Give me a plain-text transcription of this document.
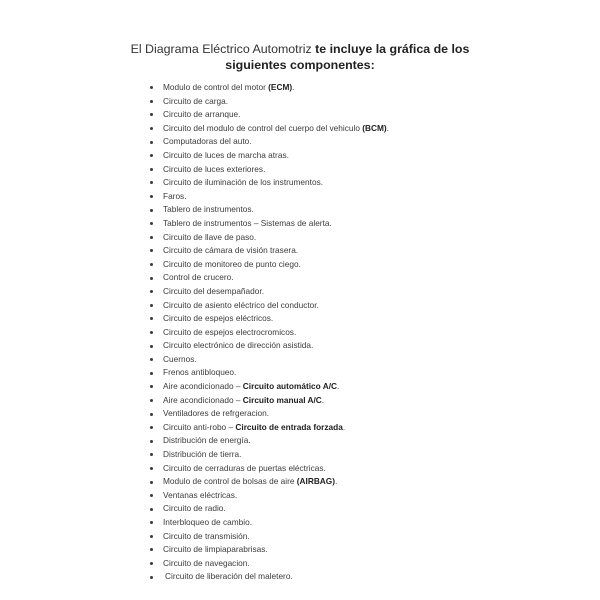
El Diagrama Eléctrico Automotriz te incluye la gráfica de los siguientes componentes:

Modulo de control del motor (ECM).
Circuito de carga.
Circuito de arranque.
Circuito del modulo de control del cuerpo del vehiculo (BCM).
Computadoras del auto.
Circuito de luces de marcha atras.
Circuito de luces exteriores.
Circuito de iluminación de los instrumentos.
Faros.
Tablero de instrumentos.
Tablero de instrumentos – Sistemas de alerta.
Circuito de llave de paso.
Circuito de cámara de visión trasera.
Circuito de monitoreo de punto ciego.
Control de crucero.
Circuito del desempañador.
Circuito de asiento eléctrico del conductor.
Circuito de espejos eléctricos.
Circuito de espejos electrocromicos.
Circuito electrónico de dirección asistida.
Cuernos.
Frenos antibloqueo.
Aire acondicionado – Circuito automático A/C.
Aire acondicionado – Circuito manual A/C.
Ventiladores de refrgeracion.
Circuito anti-robo – Circuito de entrada forzada.
Distribución de energía.
Distribución de tierra.
Circuito de cerraduras de puertas eléctricas.
Modulo de control de bolsas de aire (AIRBAG).
Ventanas eléctricas.
Circuito de radio.
Interbloqueo de cambio.
Circuito de transmisión.
Circuito de limpiaparabrisas.
Circuito de navegacion.
Circuito de liberación del maletero.
